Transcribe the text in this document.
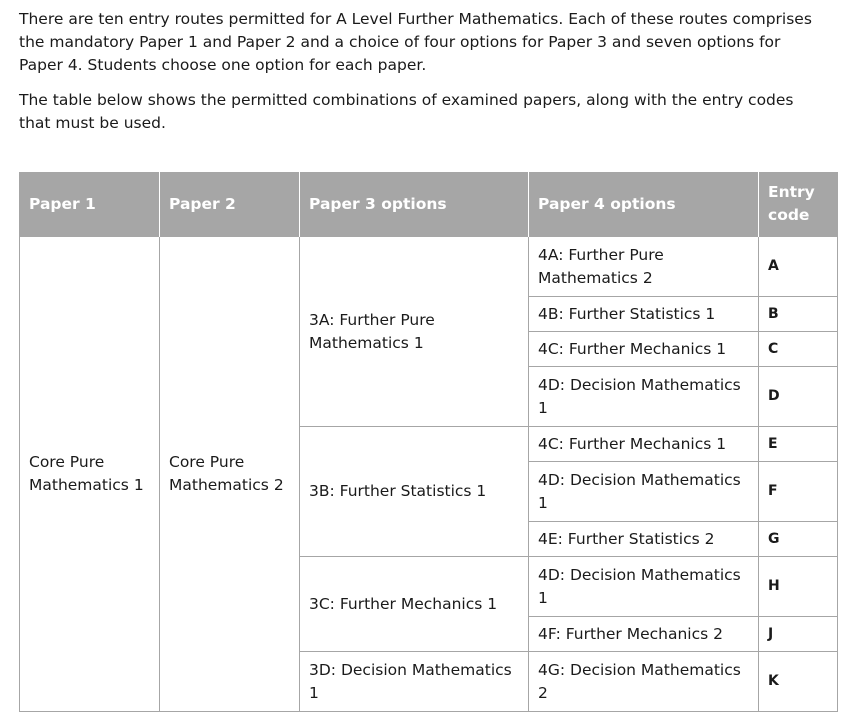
There are ten entry routes permitted for A Level Further Mathematics. Each of these routes comprises the mandatory Paper 1 and Paper 2 and a choice of four options for Paper 3 and seven options for Paper 4. Students choose one option for each paper.

The table below shows the permitted combinations of examined papers, along with the entry codes that must be used.

Paper 1	Paper 2	Paper 3 options	Paper 4 options	Entry code
Core Pure Mathematics 1	Core Pure Mathematics 2	3A: Further Pure Mathematics 1	4A: Further Pure Mathematics 2	A
			4B: Further Statistics 1	B
			4C: Further Mechanics 1	C
			4D: Decision Mathematics 1	D
		3B: Further Statistics 1	4C: Further Mechanics 1	E
			4D: Decision Mathematics 1	F
			4E: Further Statistics 2	G
		3C: Further Mechanics 1	4D: Decision Mathematics 1	H
			4F: Further Mechanics 2	J
		3D: Decision Mathematics 1	4G: Decision Mathematics 2	K
